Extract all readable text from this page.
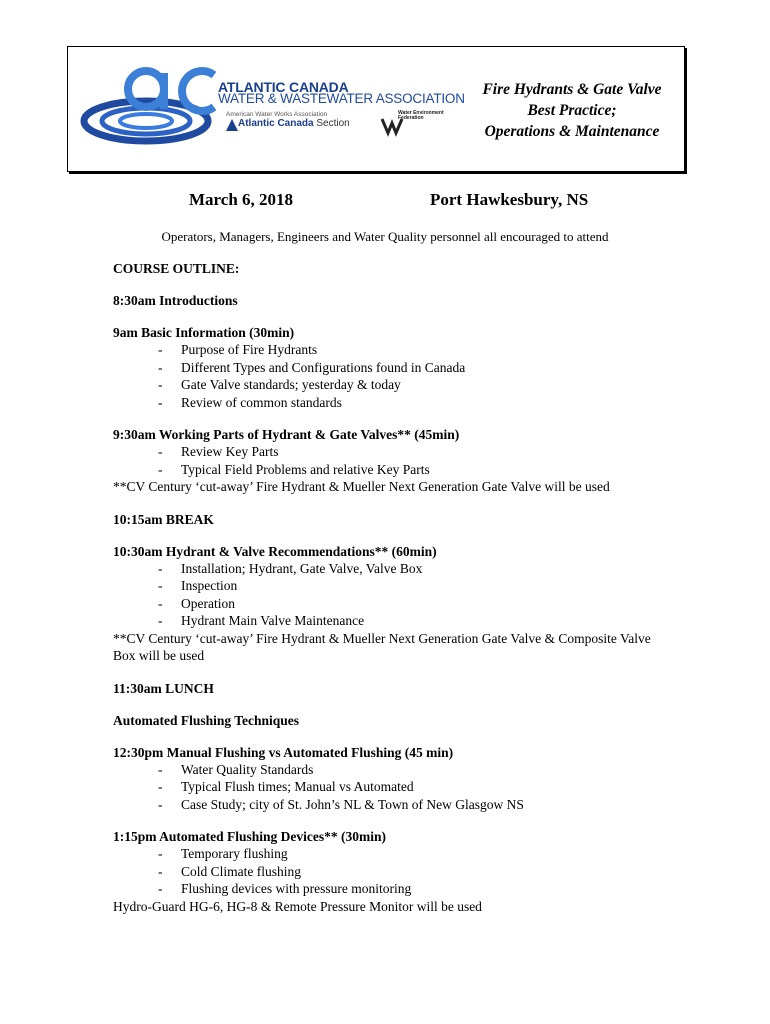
ATLANTIC CANADA
WATER & WASTEWATER ASSOCIATION
American Water Works Association
Atlantic Canada Section
Water Environment Federation
Fire Hydrants & Gate Valve
Best Practice;
Operations & Maintenance
March 6, 2018	Port Hawkesbury, NS
Operators, Managers, Engineers and Water Quality personnel all encouraged to attend

COURSE OUTLINE:

8:30am Introductions

9am Basic Information (30min)

- Purpose of Fire Hydrants
- Different Types and Configurations found in Canada
- Gate Valve standards; yesterday & today
- Review of common standards

9:30am Working Parts of Hydrant & Gate Valves** (45min)

- Review Key Parts
- Typical Field Problems and relative Key Parts

**CV Century ‘cut-away’ Fire Hydrant & Mueller Next Generation Gate Valve will be used

10:15am BREAK

10:30am Hydrant & Valve Recommendations** (60min)

- Installation; Hydrant, Gate Valve, Valve Box
- Inspection
- Operation
- Hydrant Main Valve Maintenance

**CV Century ‘cut-away’ Fire Hydrant & Mueller Next Generation Gate Valve & Composite Valve Box will be used

11:30am LUNCH

Automated Flushing Techniques

12:30pm Manual Flushing vs Automated Flushing (45 min)

- Water Quality Standards
- Typical Flush times; Manual vs Automated
- Case Study; city of St. John’s NL & Town of New Glasgow NS

1:15pm Automated Flushing Devices** (30min)

- Temporary flushing
- Cold Climate flushing
- Flushing devices with pressure monitoring

Hydro-Guard HG-6, HG-8 & Remote Pressure Monitor will be used
